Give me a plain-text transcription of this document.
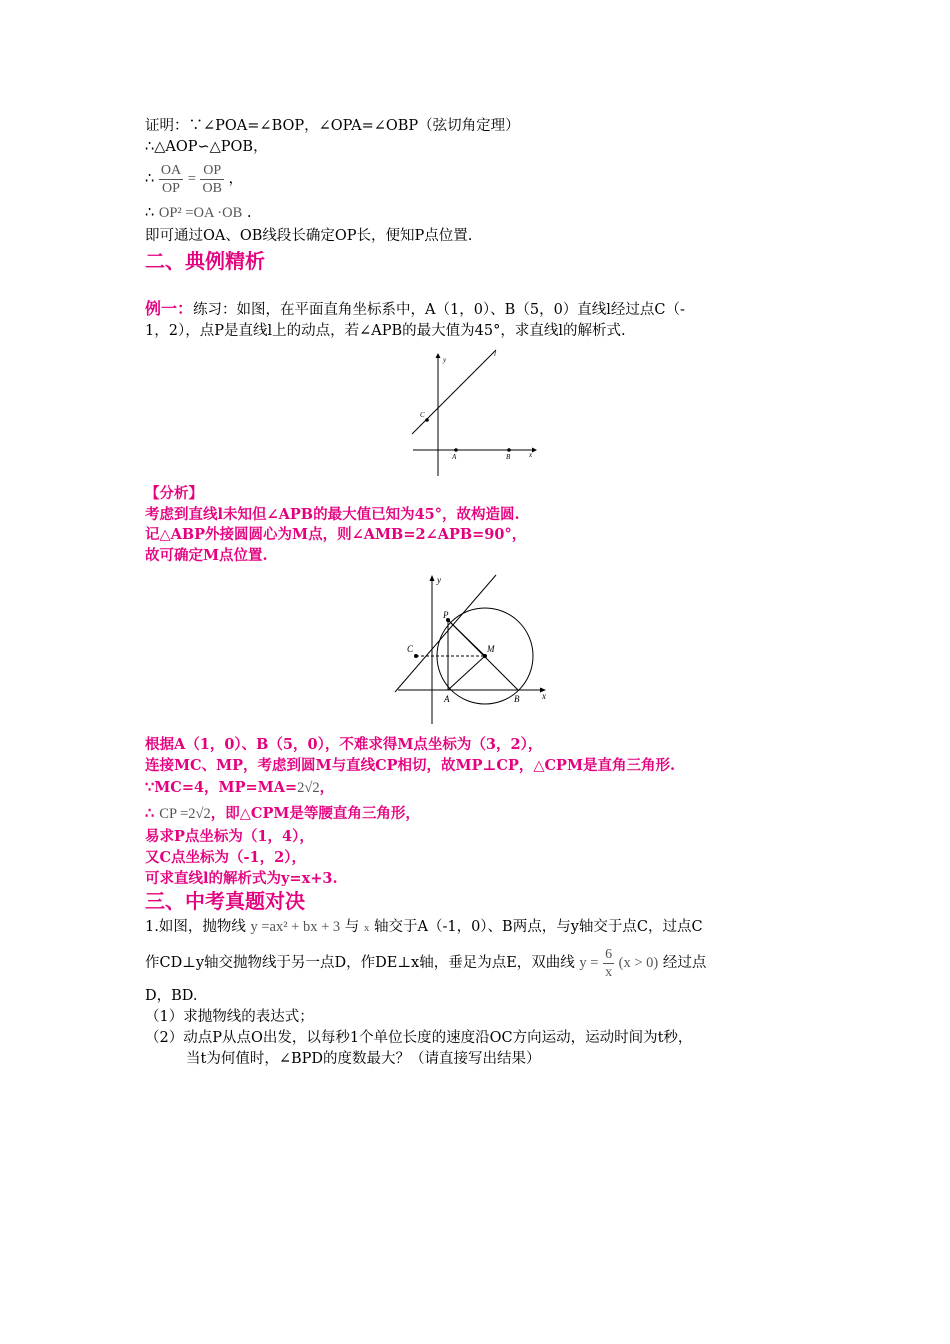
证明：∵∠POA=∠BOP，∠OPA=∠OBP（弦切角定理）
∴△AOP∽△POB，
∴ $\frac{OA}{OP} = \frac{OP}{OB}$ ，
∴ OP² =OA ·OB .
即可通过OA、OB线段长确定OP长，便知P点位置.
二、典例精析
例一：练习：如图，在平面直角坐标系中，A（1，0）、B（5，0）直线l经过点C（-
1，2），点P是直线l上的动点，若∠APB的最大值为45°，求直线l的解析式.
y
l
C
A	B	x
【分析】
考虑到直线l未知但∠APB的最大值已知为45°，故构造圆.
记△ABP外接圆圆心为M点，则∠AMB=2∠APB=90°，
故可确定M点位置.
y
P
C	M
A	B	x
根据A（1，0）、B（5，0），不难求得M点坐标为（3，2），
连接MC、MP，考虑到圆M与直线CP相切，故MP⊥CP，△CPM是直角三角形.
∵MC=4，MP=MA=2√2，
∴ CP =2√2，即△CPM是等腰直角三角形，
易求P点坐标为（1，4），
又C点坐标为（-1，2），
可求直线l的解析式为y=x+3.
三、中考真题对决
1.如图，抛物线 y =ax² + bx + 3 与 x 轴交于A（-1，0）、B两点，与y轴交于点C，过点C
作CD⊥y轴交抛物线于另一点D，作DE⊥x轴，垂足为点E，双曲线 $y = \frac{6}{x} (x > 0)$ 经过点
D，BD.
（1）求抛物线的表达式；
（2）动点P从点O出发，以每秒1个单位长度的速度沿OC方向运动，运动时间为t秒，
当t为何值时，∠BPD的度数最大？（请直接写出结果）
